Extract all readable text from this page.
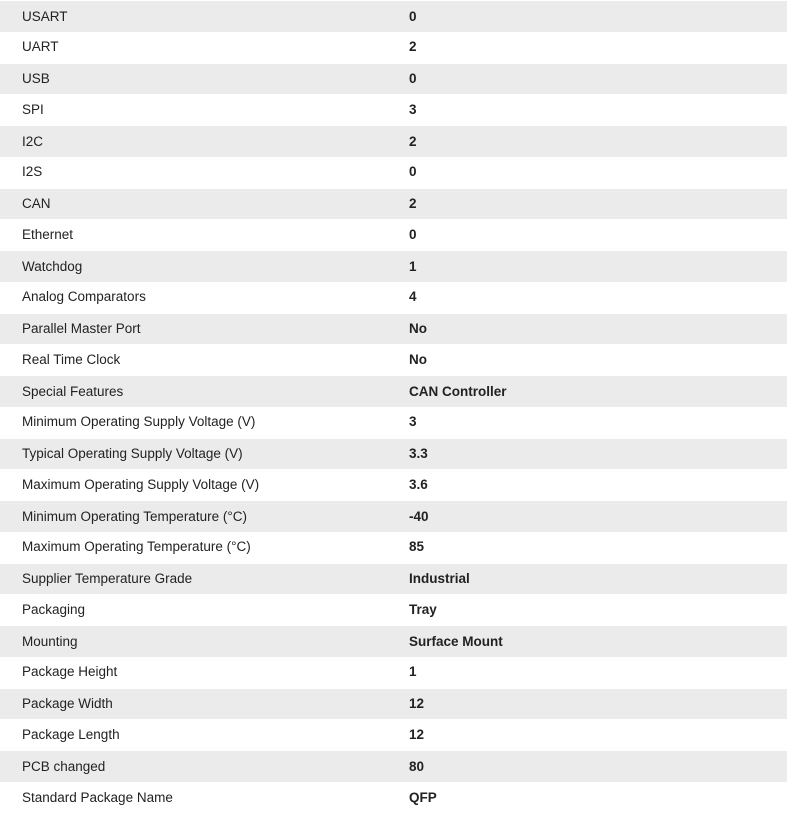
USART	0
UART	2
USB	0
SPI	3
I2C	2
I2S	0
CAN	2
Ethernet	0
Watchdog	1
Analog Comparators	4
Parallel Master Port	No
Real Time Clock	No
Special Features	CAN Controller
Minimum Operating Supply Voltage (V)	3
Typical Operating Supply Voltage (V)	3.3
Maximum Operating Supply Voltage (V)	3.6
Minimum Operating Temperature (°C)	-40
Maximum Operating Temperature (°C)	85
Supplier Temperature Grade	Industrial
Packaging	Tray
Mounting	Surface Mount
Package Height	1
Package Width	12
Package Length	12
PCB changed	80
Standard Package Name	QFP
